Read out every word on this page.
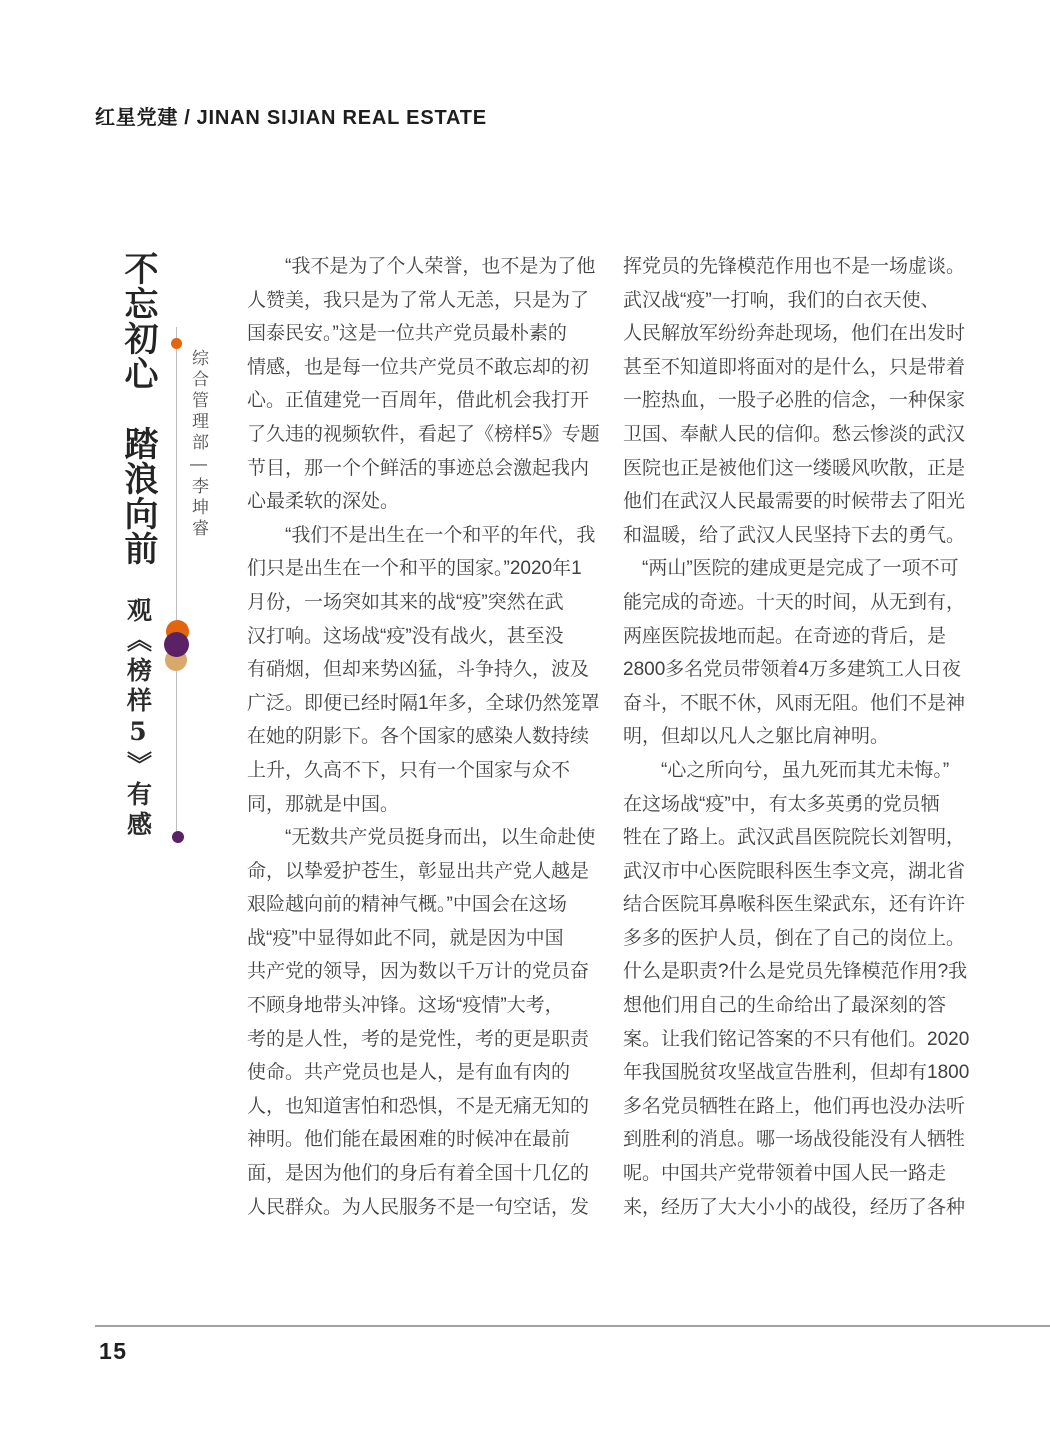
红星党建 / JINAN SIJIAN REAL ESTATE
不忘初心　踏浪向前
观《榜样5》有感
综合管理部—李坤睿
　　“我不是为了个人荣誉，也不是为了他
人赞美，我只是为了常人无恙，只是为了
国泰民安。”这是一位共产党员最朴素的
情感，也是每一位共产党员不敢忘却的初
心。正值建党一百周年，借此机会我打开
了久违的视频软件，看起了《榜样5》专题
节目，那一个个鲜活的事迹总会激起我内
心最柔软的深处。
　　“我们不是出生在一个和平的年代，我
们只是出生在一个和平的国家。”2020年1
月份，一场突如其来的战“疫”突然在武
汉打响。这场战“疫”没有战火，甚至没
有硝烟，但却来势凶猛，斗争持久，波及
广泛。即便已经时隔1年多，全球仍然笼罩
在她的阴影下。各个国家的感染人数持续
上升，久高不下，只有一个国家与众不
同，那就是中国。
　　“无数共产党员挺身而出，以生命赴使
命，以挚爱护苍生，彰显出共产党人越是
艰险越向前的精神气概。”中国会在这场
战“疫”中显得如此不同，就是因为中国
共产党的领导，因为数以千万计的党员奋
不顾身地带头冲锋。这场“疫情”大考，
考的是人性，考的是党性，考的更是职责
使命。共产党员也是人，是有血有肉的
人，也知道害怕和恐惧，不是无痛无知的
神明。他们能在最困难的时候冲在最前
面，是因为他们的身后有着全国十几亿的
人民群众。为人民服务不是一句空话，发
挥党员的先锋模范作用也不是一场虚谈。
武汉战“疫”一打响，我们的白衣天使、
人民解放军纷纷奔赴现场，他们在出发时
甚至不知道即将面对的是什么，只是带着
一腔热血，一股子必胜的信念，一种保家
卫国、奉献人民的信仰。愁云惨淡的武汉
医院也正是被他们这一缕暖风吹散，正是
他们在武汉人民最需要的时候带去了阳光
和温暖，给了武汉人民坚持下去的勇气。
　“两山”医院的建成更是完成了一项不可
能完成的奇迹。十天的时间，从无到有，
两座医院拔地而起。在奇迹的背后，是
2800多名党员带领着4万多建筑工人日夜
奋斗，不眠不休，风雨无阻。他们不是神
明，但却以凡人之躯比肩神明。
　　“心之所向兮，虽九死而其尤未悔。”
在这场战“疫”中，有太多英勇的党员牺
牲在了路上。武汉武昌医院院长刘智明，
武汉市中心医院眼科医生李文亮，湖北省
结合医院耳鼻喉科医生梁武东，还有许许
多多的医护人员，倒在了自己的岗位上。
什么是职责?什么是党员先锋模范作用?我
想他们用自己的生命给出了最深刻的答
案。让我们铭记答案的不只有他们。2020
年我国脱贫攻坚战宣告胜利，但却有1800
多名党员牺牲在路上，他们再也没办法听
到胜利的消息。哪一场战役能没有人牺牲
呢。中国共产党带领着中国人民一路走
来，经历了大大小小的战役，经历了各种
15
